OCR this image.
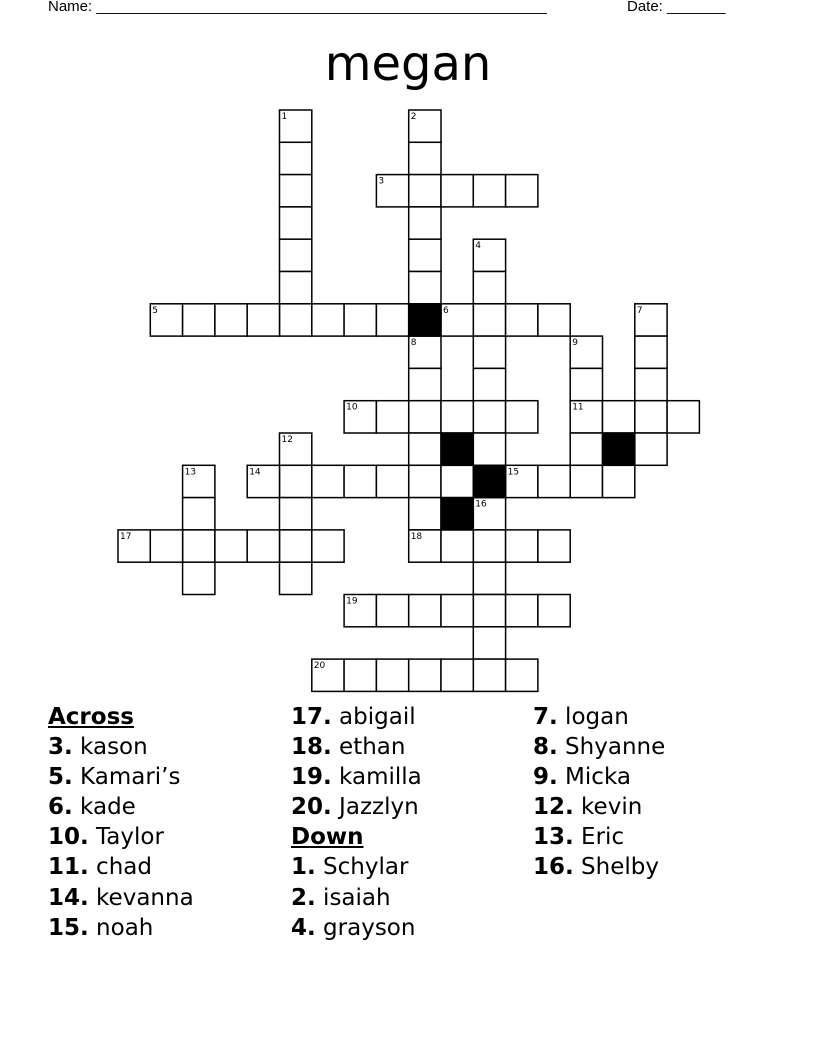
Name: ______________________________________________________	Date: _______
megan
1	2
3
4
5	6	7
8	9
10	11
12
13	14	15
16
17	18
19
20
Across
3. kason
5. Kamari’s
6. kade
10. Taylor
11. chad
14. kevanna
15. noah
17. abigail
18. ethan
19. kamilla
20. Jazzlyn
Down
1. Schylar
2. isaiah
4. grayson
7. logan
8. Shyanne
9. Micka
12. kevin
13. Eric
16. Shelby
